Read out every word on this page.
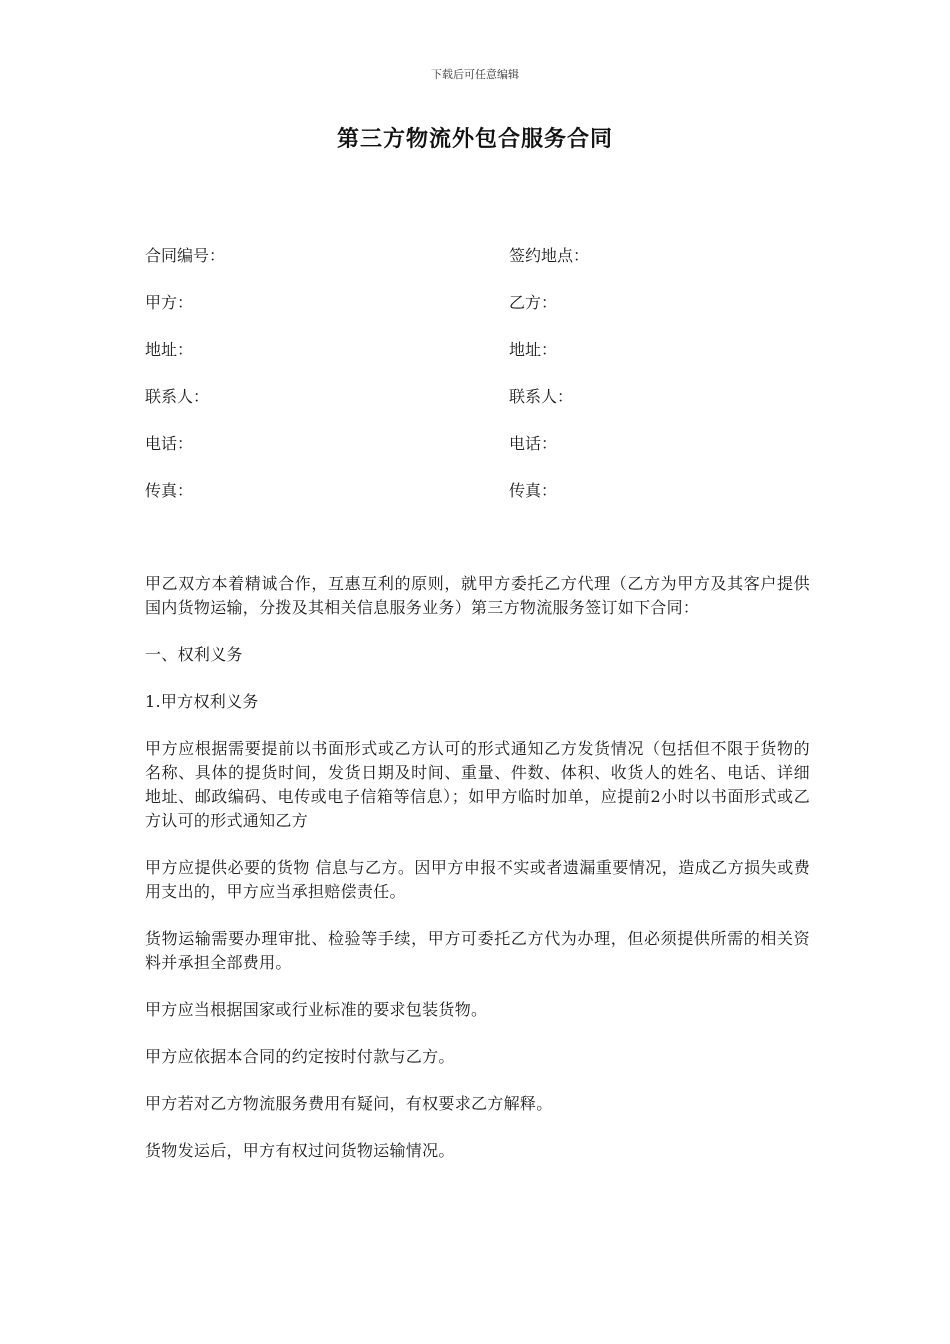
下载后可任意编辑
第三方物流外包合服务合同
合同编号：	签约地点：
甲方：	乙方：
地址：	地址：
联系人：	联系人：
电话：	电话：
传真：	传真：

甲乙双方本着精诚合作，互惠互利的原则，就甲方委托乙方代理（乙方为甲方及其客户提供国内货物运输，分拨及其相关信息服务业务）第三方物流服务签订如下合同：

一、权利义务

1.甲方权利义务

甲方应根据需要提前以书面形式或乙方认可的形式通知乙方发货情况（包括但不限于货物的名称、具体的提货时间，发货日期及时间、重量、件数、体积、收货人的姓名、电话、详细地址、邮政编码、电传或电子信箱等信息）；如甲方临时加单，应提前2小时以书面形式或乙方认可的形式通知乙方

甲方应提供必要的货物 信息与乙方。因甲方申报不实或者遗漏重要情况，造成乙方损失或费用支出的，甲方应当承担赔偿责任。

货物运输需要办理审批、检验等手续，甲方可委托乙方代为办理，但必须提供所需的相关资料并承担全部费用。

甲方应当根据国家或行业标准的要求包装货物。

甲方应依据本合同的约定按时付款与乙方。

甲方若对乙方物流服务费用有疑问，有权要求乙方解释。

货物发运后，甲方有权过问货物运输情况。
